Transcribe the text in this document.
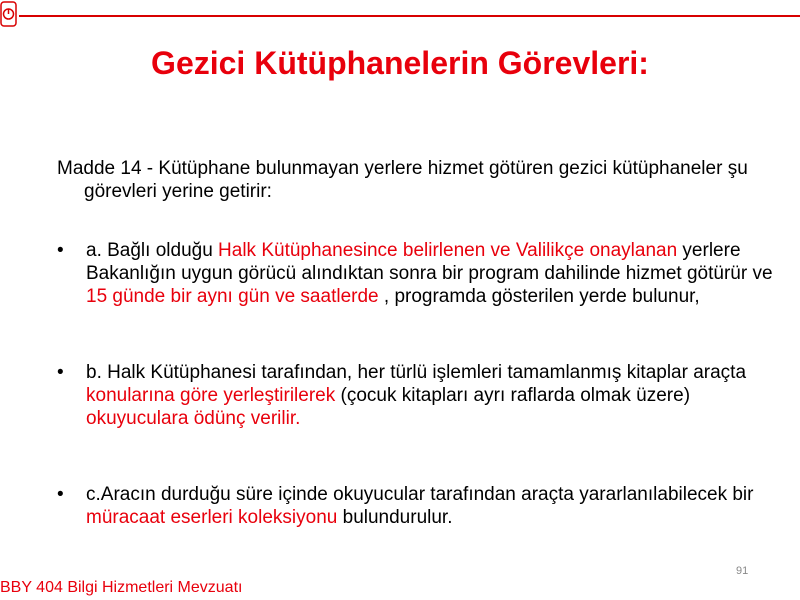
Gezici Kütüphanelerin Görevleri:

Madde 14 - Kütüphane bulunmayan yerlere hizmet götüren gezici kütüphaneler şu görevleri yerine getirir:

• a. Bağlı olduğu Halk Kütüphanesince belirlenen ve Valilikçe onaylanan yerlere Bakanlığın uygun görücü alındıktan sonra bir program dahilinde hizmet götürür ve 15 günde bir aynı gün ve saatlerde , programda gösterilen yerde bulunur,

• b. Halk Kütüphanesi tarafından, her türlü işlemleri tamamlanmış kitaplar araçta konularına göre yerleştirilerek (çocuk kitapları ayrı raflarda olmak üzere) okuyuculara ödünç verilir.

• c.Aracın durduğu süre içinde okuyucular tarafından araçta yararlanılabilecek bir müracaat eserleri koleksiyonu bulundurulur.

91
BBY 404 Bilgi Hizmetleri Mevzuatı
